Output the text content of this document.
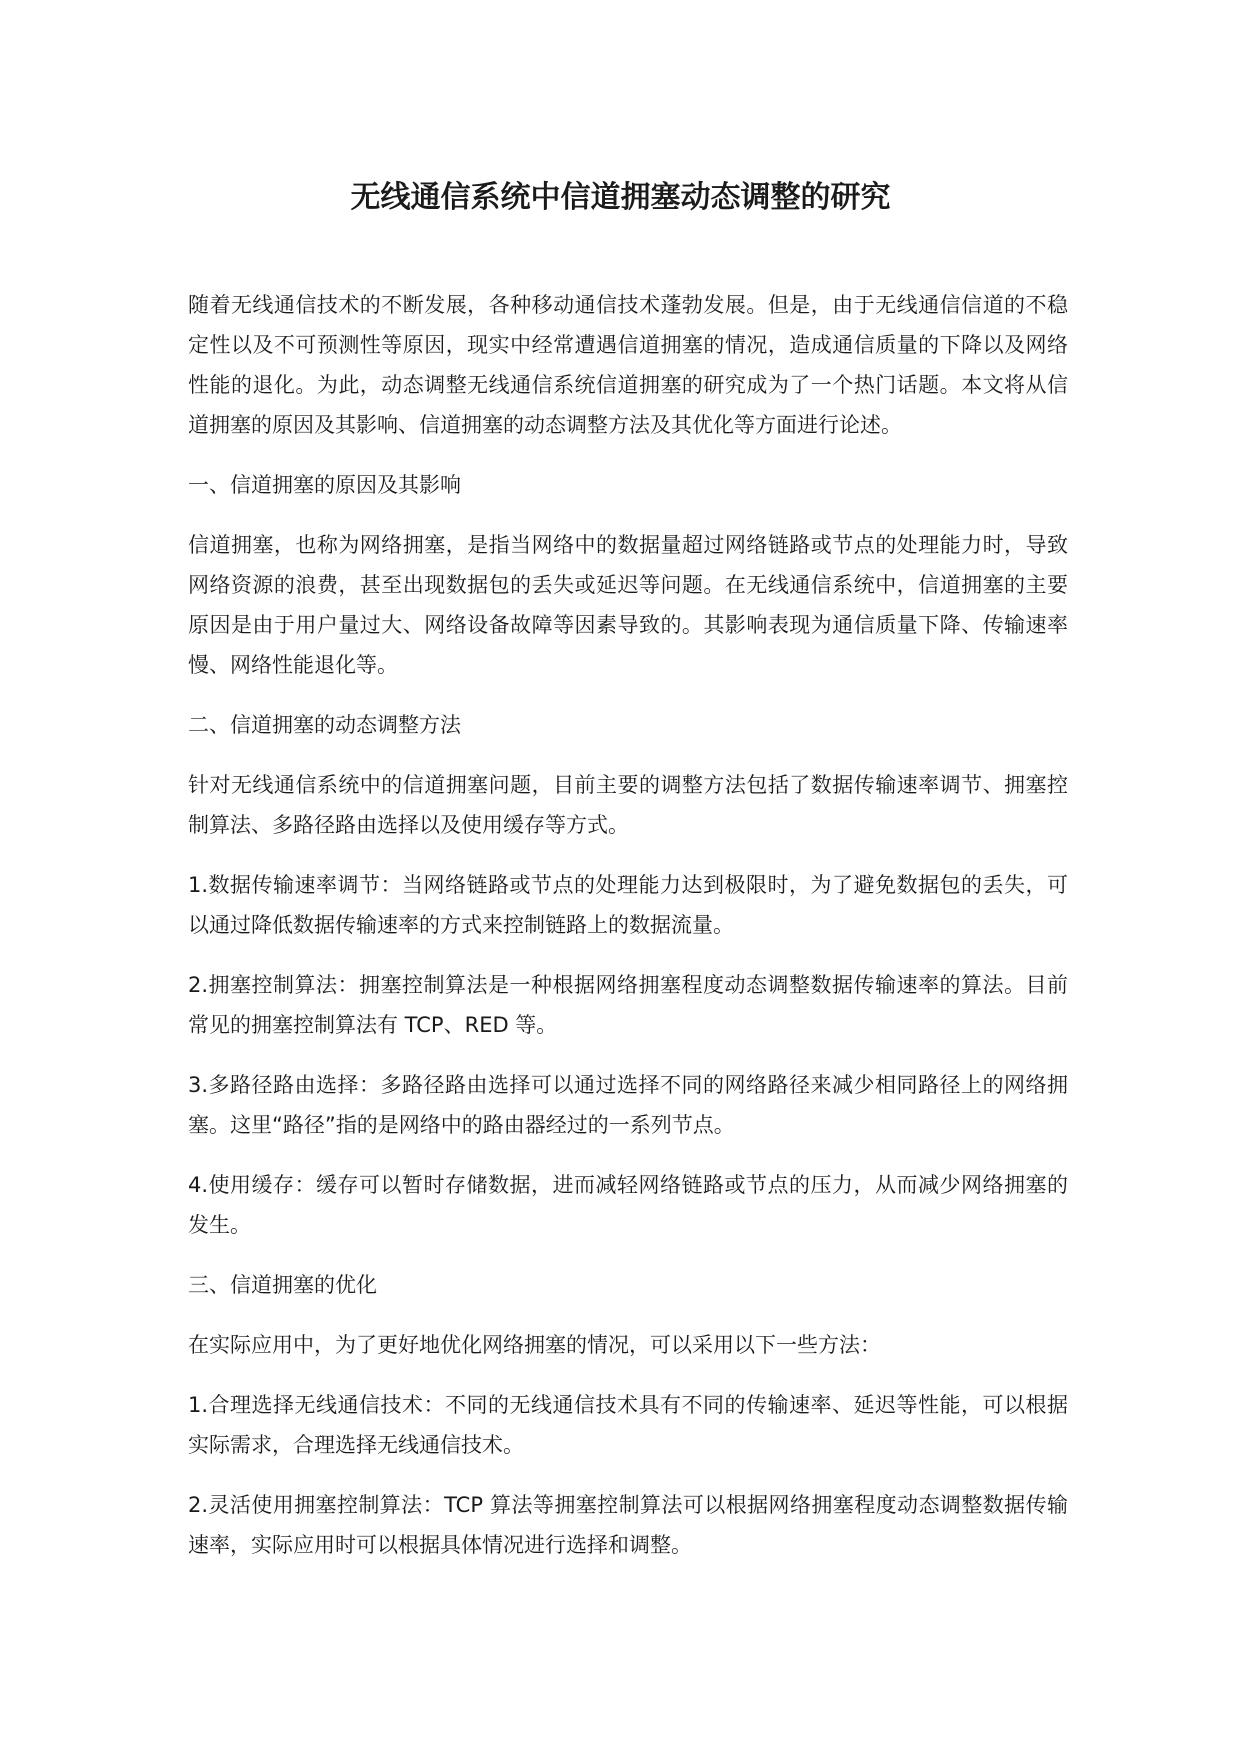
无线通信系统中信道拥塞动态调整的研究

随着无线通信技术的不断发展，各种移动通信技术蓬勃发展。但是，由于无线通信信道的不稳定性以及不可预测性等原因，现实中经常遭遇信道拥塞的情况，造成通信质量的下降以及网络性能的退化。为此，动态调整无线通信系统信道拥塞的研究成为了一个热门话题。本文将从信道拥塞的原因及其影响、信道拥塞的动态调整方法及其优化等方面进行论述。

一、信道拥塞的原因及其影响

信道拥塞，也称为网络拥塞，是指当网络中的数据量超过网络链路或节点的处理能力时，导致网络资源的浪费，甚至出现数据包的丢失或延迟等问题。在无线通信系统中，信道拥塞的主要原因是由于用户量过大、网络设备故障等因素导致的。其影响表现为通信质量下降、传输速率慢、网络性能退化等。

二、信道拥塞的动态调整方法

针对无线通信系统中的信道拥塞问题，目前主要的调整方法包括了数据传输速率调节、拥塞控制算法、多路径路由选择以及使用缓存等方式。

1.数据传输速率调节：当网络链路或节点的处理能力达到极限时，为了避免数据包的丢失，可以通过降低数据传输速率的方式来控制链路上的数据流量。

2.拥塞控制算法：拥塞控制算法是一种根据网络拥塞程度动态调整数据传输速率的算法。目前常见的拥塞控制算法有 TCP、RED 等。

3.多路径路由选择：多路径路由选择可以通过选择不同的网络路径来减少相同路径上的网络拥塞。这里“路径”指的是网络中的路由器经过的一系列节点。

4.使用缓存：缓存可以暂时存储数据，进而减轻网络链路或节点的压力，从而减少网络拥塞的发生。

三、信道拥塞的优化

在实际应用中，为了更好地优化网络拥塞的情况，可以采用以下一些方法：

1.合理选择无线通信技术：不同的无线通信技术具有不同的传输速率、延迟等性能，可以根据实际需求，合理选择无线通信技术。

2.灵活使用拥塞控制算法：TCP 算法等拥塞控制算法可以根据网络拥塞程度动态调整数据传输速率，实际应用时可以根据具体情况进行选择和调整。
